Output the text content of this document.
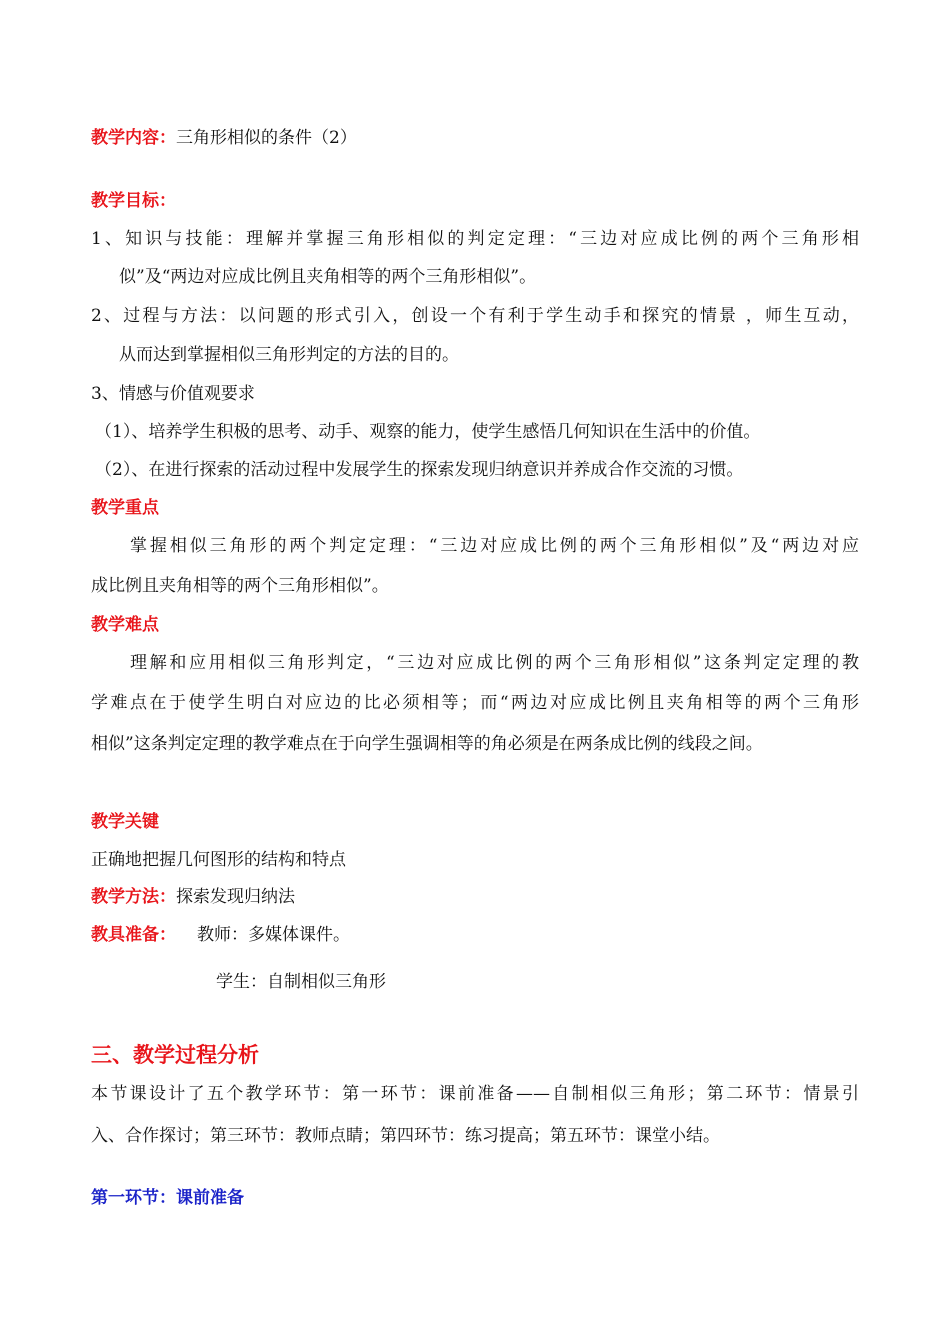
教学内容：三角形相似的条件（2）
教学目标：
1、知识与技能：理解并掌握三角形相似的判定定理：“三边对应成比例的两个三角形相
似”及“两边对应成比例且夹角相等的两个三角形相似”。
2、过程与方法：以问题的形式引入，创设一个有利于学生动手和探究的情景 ，师生互动，
从而达到掌握相似三角形判定的方法的目的。
3、情感与价值观要求
（1）、培养学生积极的思考、动手、观察的能力，使学生感悟几何知识在生活中的价值。
（2）、在进行探索的活动过程中发展学生的探索发现归纳意识并养成合作交流的习惯。
教学重点
掌握相似三角形的两个判定定理：“三边对应成比例的两个三角形相似”及“两边对应
成比例且夹角相等的两个三角形相似”。
教学难点
理解和应用相似三角形判定，“三边对应成比例的两个三角形相似”这条判定定理的教
学难点在于使学生明白对应边的比必须相等；而“两边对应成比例且夹角相等的两个三角形
相似”这条判定定理的教学难点在于向学生强调相等的角必须是在两条成比例的线段之间。
教学关键
正确地把握几何图形的结构和特点
教学方法：探索发现归纳法
教具准备： 教师：多媒体课件。
学生：自制相似三角形
三、教学过程分析
本节课设计了五个教学环节：第一环节：课前准备——自制相似三角形；第二环节：情景引
入、合作探讨；第三环节：教师点睛；第四环节：练习提高；第五环节：课堂小结。
第一环节：课前准备
